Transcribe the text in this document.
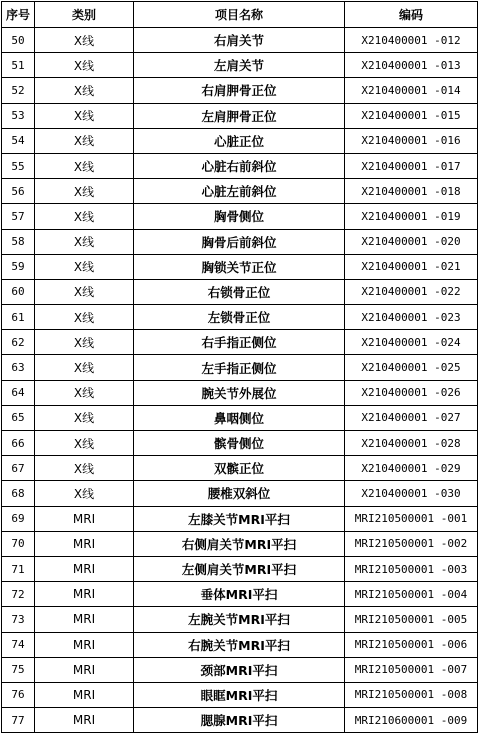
序号	类别	项目名称	编码
50	X线	右肩关节	X210400001 -012
51	X线	左肩关节	X210400001 -013
52	X线	右肩胛骨正位	X210400001 -014
53	X线	左肩胛骨正位	X210400001 -015
54	X线	心脏正位	X210400001 -016
55	X线	心脏右前斜位	X210400001 -017
56	X线	心脏左前斜位	X210400001 -018
57	X线	胸骨侧位	X210400001 -019
58	X线	胸骨后前斜位	X210400001 -020
59	X线	胸锁关节正位	X210400001 -021
60	X线	右锁骨正位	X210400001 -022
61	X线	左锁骨正位	X210400001 -023
62	X线	右手指正侧位	X210400001 -024
63	X线	左手指正侧位	X210400001 -025
64	X线	腕关节外展位	X210400001 -026
65	X线	鼻咽侧位	X210400001 -027
66	X线	髌骨侧位	X210400001 -028
67	X线	双髌正位	X210400001 -029
68	X线	腰椎双斜位	X210400001 -030
69	MRI	左膝关节MRI平扫	MRI210500001 -001
70	MRI	右侧肩关节MRI平扫	MRI210500001 -002
71	MRI	左侧肩关节MRI平扫	MRI210500001 -003
72	MRI	垂体MRI平扫	MRI210500001 -004
73	MRI	左腕关节MRI平扫	MRI210500001 -005
74	MRI	右腕关节MRI平扫	MRI210500001 -006
75	MRI	颈部MRI平扫	MRI210500001 -007
76	MRI	眼眶MRI平扫	MRI210500001 -008
77	MRI	腮腺MRI平扫	MRI210600001 -009
